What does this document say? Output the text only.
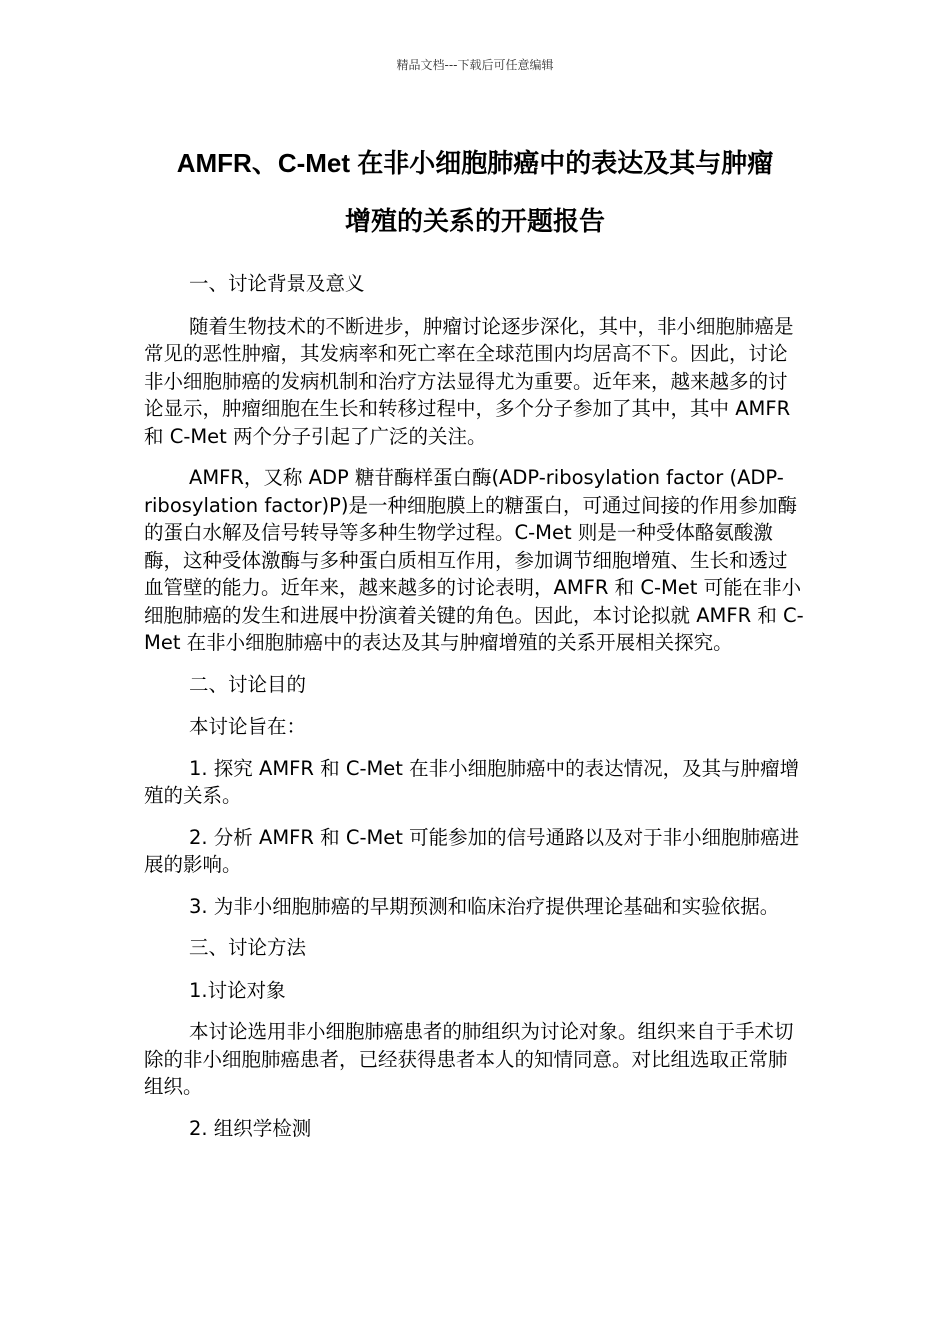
精品文档---下载后可任意编辑
AMFR、C-Met 在非小细胞肺癌中的表达及其与肿瘤
增殖的关系的开题报告

一、讨论背景及意义

随着生物技术的不断进步，肿瘤讨论逐步深化，其中，非小细胞肺癌是常见的恶性肿瘤，其发病率和死亡率在全球范围内均居高不下。因此，讨论非小细胞肺癌的发病机制和治疗方法显得尤为重要。近年来，越来越多的讨论显示，肿瘤细胞在生长和转移过程中，多个分子参加了其中，其中 AMFR 和 C-Met 两个分子引起了广泛的关注。

AMFR，又称 ADP 糖苷酶样蛋白酶(ADP-ribosylation factor (ADP-ribosylation factor)P)是一种细胞膜上的糖蛋白，可通过间接的作用参加酶的蛋白水解及信号转导等多种生物学过程。C-Met 则是一种受体酪氨酸激酶，这种受体激酶与多种蛋白质相互作用，参加调节细胞增殖、生长和透过血管壁的能力。近年来，越来越多的讨论表明，AMFR 和 C-Met 可能在非小细胞肺癌的发生和进展中扮演着关键的角色。因此，本讨论拟就 AMFR 和 C-Met 在非小细胞肺癌中的表达及其与肿瘤增殖的关系开展相关探究。

二、讨论目的

本讨论旨在：

1. 探究 AMFR 和 C-Met 在非小细胞肺癌中的表达情况，及其与肿瘤增殖的关系。

2. 分析 AMFR 和 C-Met 可能参加的信号通路以及对于非小细胞肺癌进展的影响。

3. 为非小细胞肺癌的早期预测和临床治疗提供理论基础和实验依据。

三、讨论方法

1.讨论对象

本讨论选用非小细胞肺癌患者的肺组织为讨论对象。组织来自于手术切除的非小细胞肺癌患者，已经获得患者本人的知情同意。对比组选取正常肺组织。

2. 组织学检测
